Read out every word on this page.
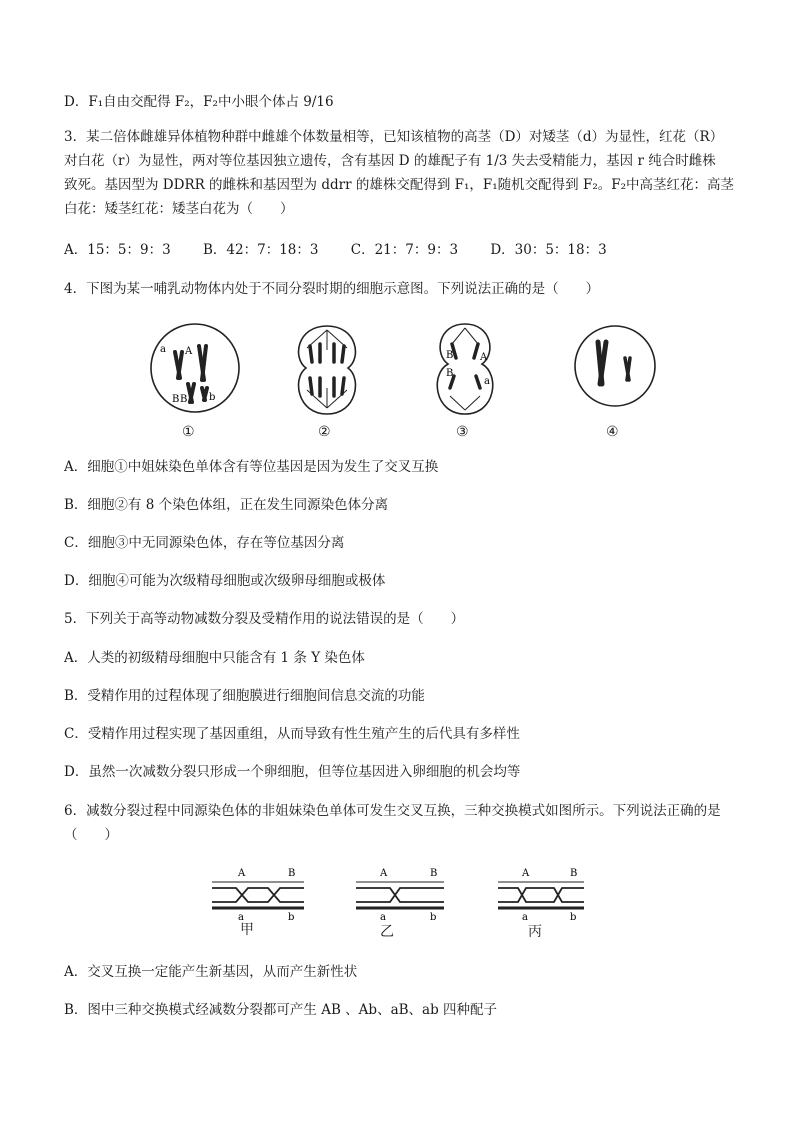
D．F₁自由交配得 F₂，F₂中小眼个体占 9/16
3．某二倍体雌雄异体植物种群中雌雄个体数量相等，已知该植物的高茎（D）对矮茎（d）为显性，红花（R）
对白花（r）为显性，两对等位基因独立遗传，含有基因 D 的雄配子有 1/3 失去受精能力，基因 r 纯合时雌株
致死。基因型为 DDRR 的雌株和基因型为 ddrr 的雄株交配得到 F₁，F₁随机交配得到 F₂。F₂中高茎红花：高茎
白花：矮茎红花：矮茎白花为（　　）
A．15：5：9：3 B．42：7：18：3 C．21：7：9：3 D．30：5：18：3
4．下图为某一哺乳动物体内处于不同分裂时期的细胞示意图。下列说法正确的是（　　）
a A
B B b
①	②
B	A
B
a
③	④
A．细胞①中姐妹染色单体含有等位基因是因为发生了交叉互换
B．细胞②有 8 个染色体组，正在发生同源染色体分离
C．细胞③中无同源染色体，存在等位基因分离
D．细胞④可能为次级精母细胞或次级卵母细胞或极体
5．下列关于高等动物减数分裂及受精作用的说法错误的是（　　）
A．人类的初级精母细胞中只能含有 1 条 Y 染色体
B．受精作用的过程体现了细胞膜进行细胞间信息交流的功能
C．受精作用过程实现了基因重组，从而导致有性生殖产生的后代具有多样性
D．虽然一次减数分裂只形成一个卵细胞，但等位基因进入卵细胞的机会均等
6．减数分裂过程中同源染色体的非姐妹染色单体可发生交叉互换，三种交换模式如图所示。下列说法正确的是（　　）
A	B
a	b
甲
A	B
a	b
乙
A	B
a	b
丙
A．交叉互换一定能产生新基因，从而产生新性状
B．图中三种交换模式经减数分裂都可产生 AB 、Ab、aB、ab 四种配子
